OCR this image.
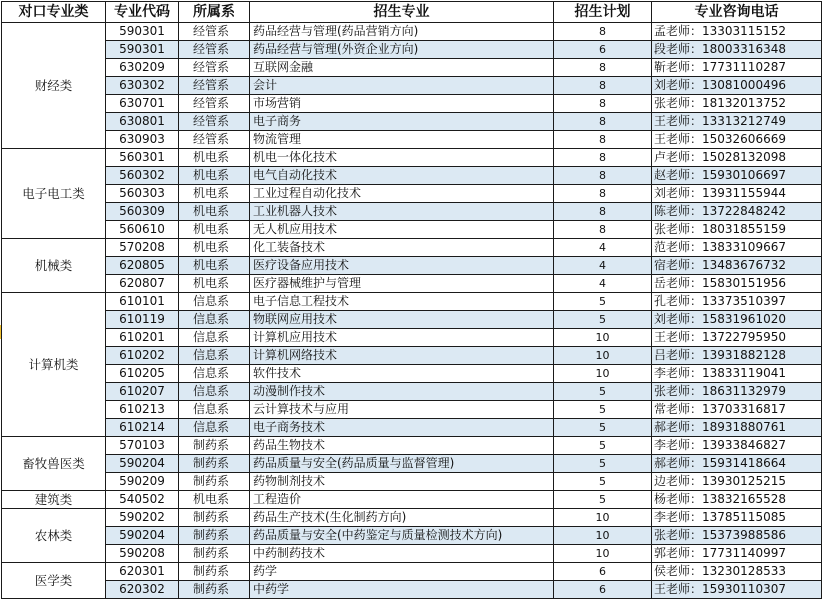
对口专业类	专业代码	所属系	招生专业	招生计划	专业咨询电话
财经类	590301	经管系	药品经营与管理(药品营销方向)	8	孟老师：13303115152
	590301	经管系	药品经营与管理(外资企业方向)	6	段老师：18003316348
	630209	经管系	互联网金融	8	靳老师：17731110287
	630302	经管系	会计	8	刘老师：13081000496
	630701	经管系	市场营销	8	张老师：18132013752
	630801	经管系	电子商务	8	王老师：13313212749
	630903	经管系	物流管理	8	王老师：15032606669
电子电工类	560301	机电系	机电一体化技术	8	卢老师：15028132098
	560302	机电系	电气自动化技术	8	赵老师：15930106697
	560303	机电系	工业过程自动化技术	8	刘老师：13931155944
	560309	机电系	工业机器人技术	8	陈老师：13722848242
	560610	机电系	无人机应用技术	8	张老师：18031855159
机械类	570208	机电系	化工装备技术	4	范老师：13833109667
	620805	机电系	医疗设备应用技术	4	宿老师：13483676732
	620807	机电系	医疗器械维护与管理	4	岳老师：15830151956
计算机类	610101	信息系	电子信息工程技术	5	孔老师：13373510397
	610119	信息系	物联网应用技术	5	刘老师：15831961020
	610201	信息系	计算机应用技术	10	王老师：13722795950
	610202	信息系	计算机网络技术	10	吕老师：13931882128
	610205	信息系	软件技术	10	李老师：13833119041
	610207	信息系	动漫制作技术	5	张老师：18631132979
	610213	信息系	云计算技术与应用	5	常老师：13703316817
	610214	信息系	电子商务技术	5	郝老师：18931880761
畜牧兽医类	570103	制药系	药品生物技术	5	李老师：13933846827
	590204	制药系	药品质量与安全(药品质量与监督管理)	5	郝老师：15931418664
	590209	制药系	药物制剂技术	5	边老师：13930125215
建筑类	540502	机电系	工程造价	5	杨老师：13832165528
农林类	590202	制药系	药品生产技术(生化制药方向)	10	李老师：13785115085
	590204	制药系	药品质量与安全(中药鉴定与质量检测技术方向)	10	张老师：15373988586
	590208	制药系	中药制药技术	10	郭老师：17731140997
医学类	620301	制药系	药学	6	侯老师：13230128533
	620302	制药系	中药学	6	王老师：15930110307
